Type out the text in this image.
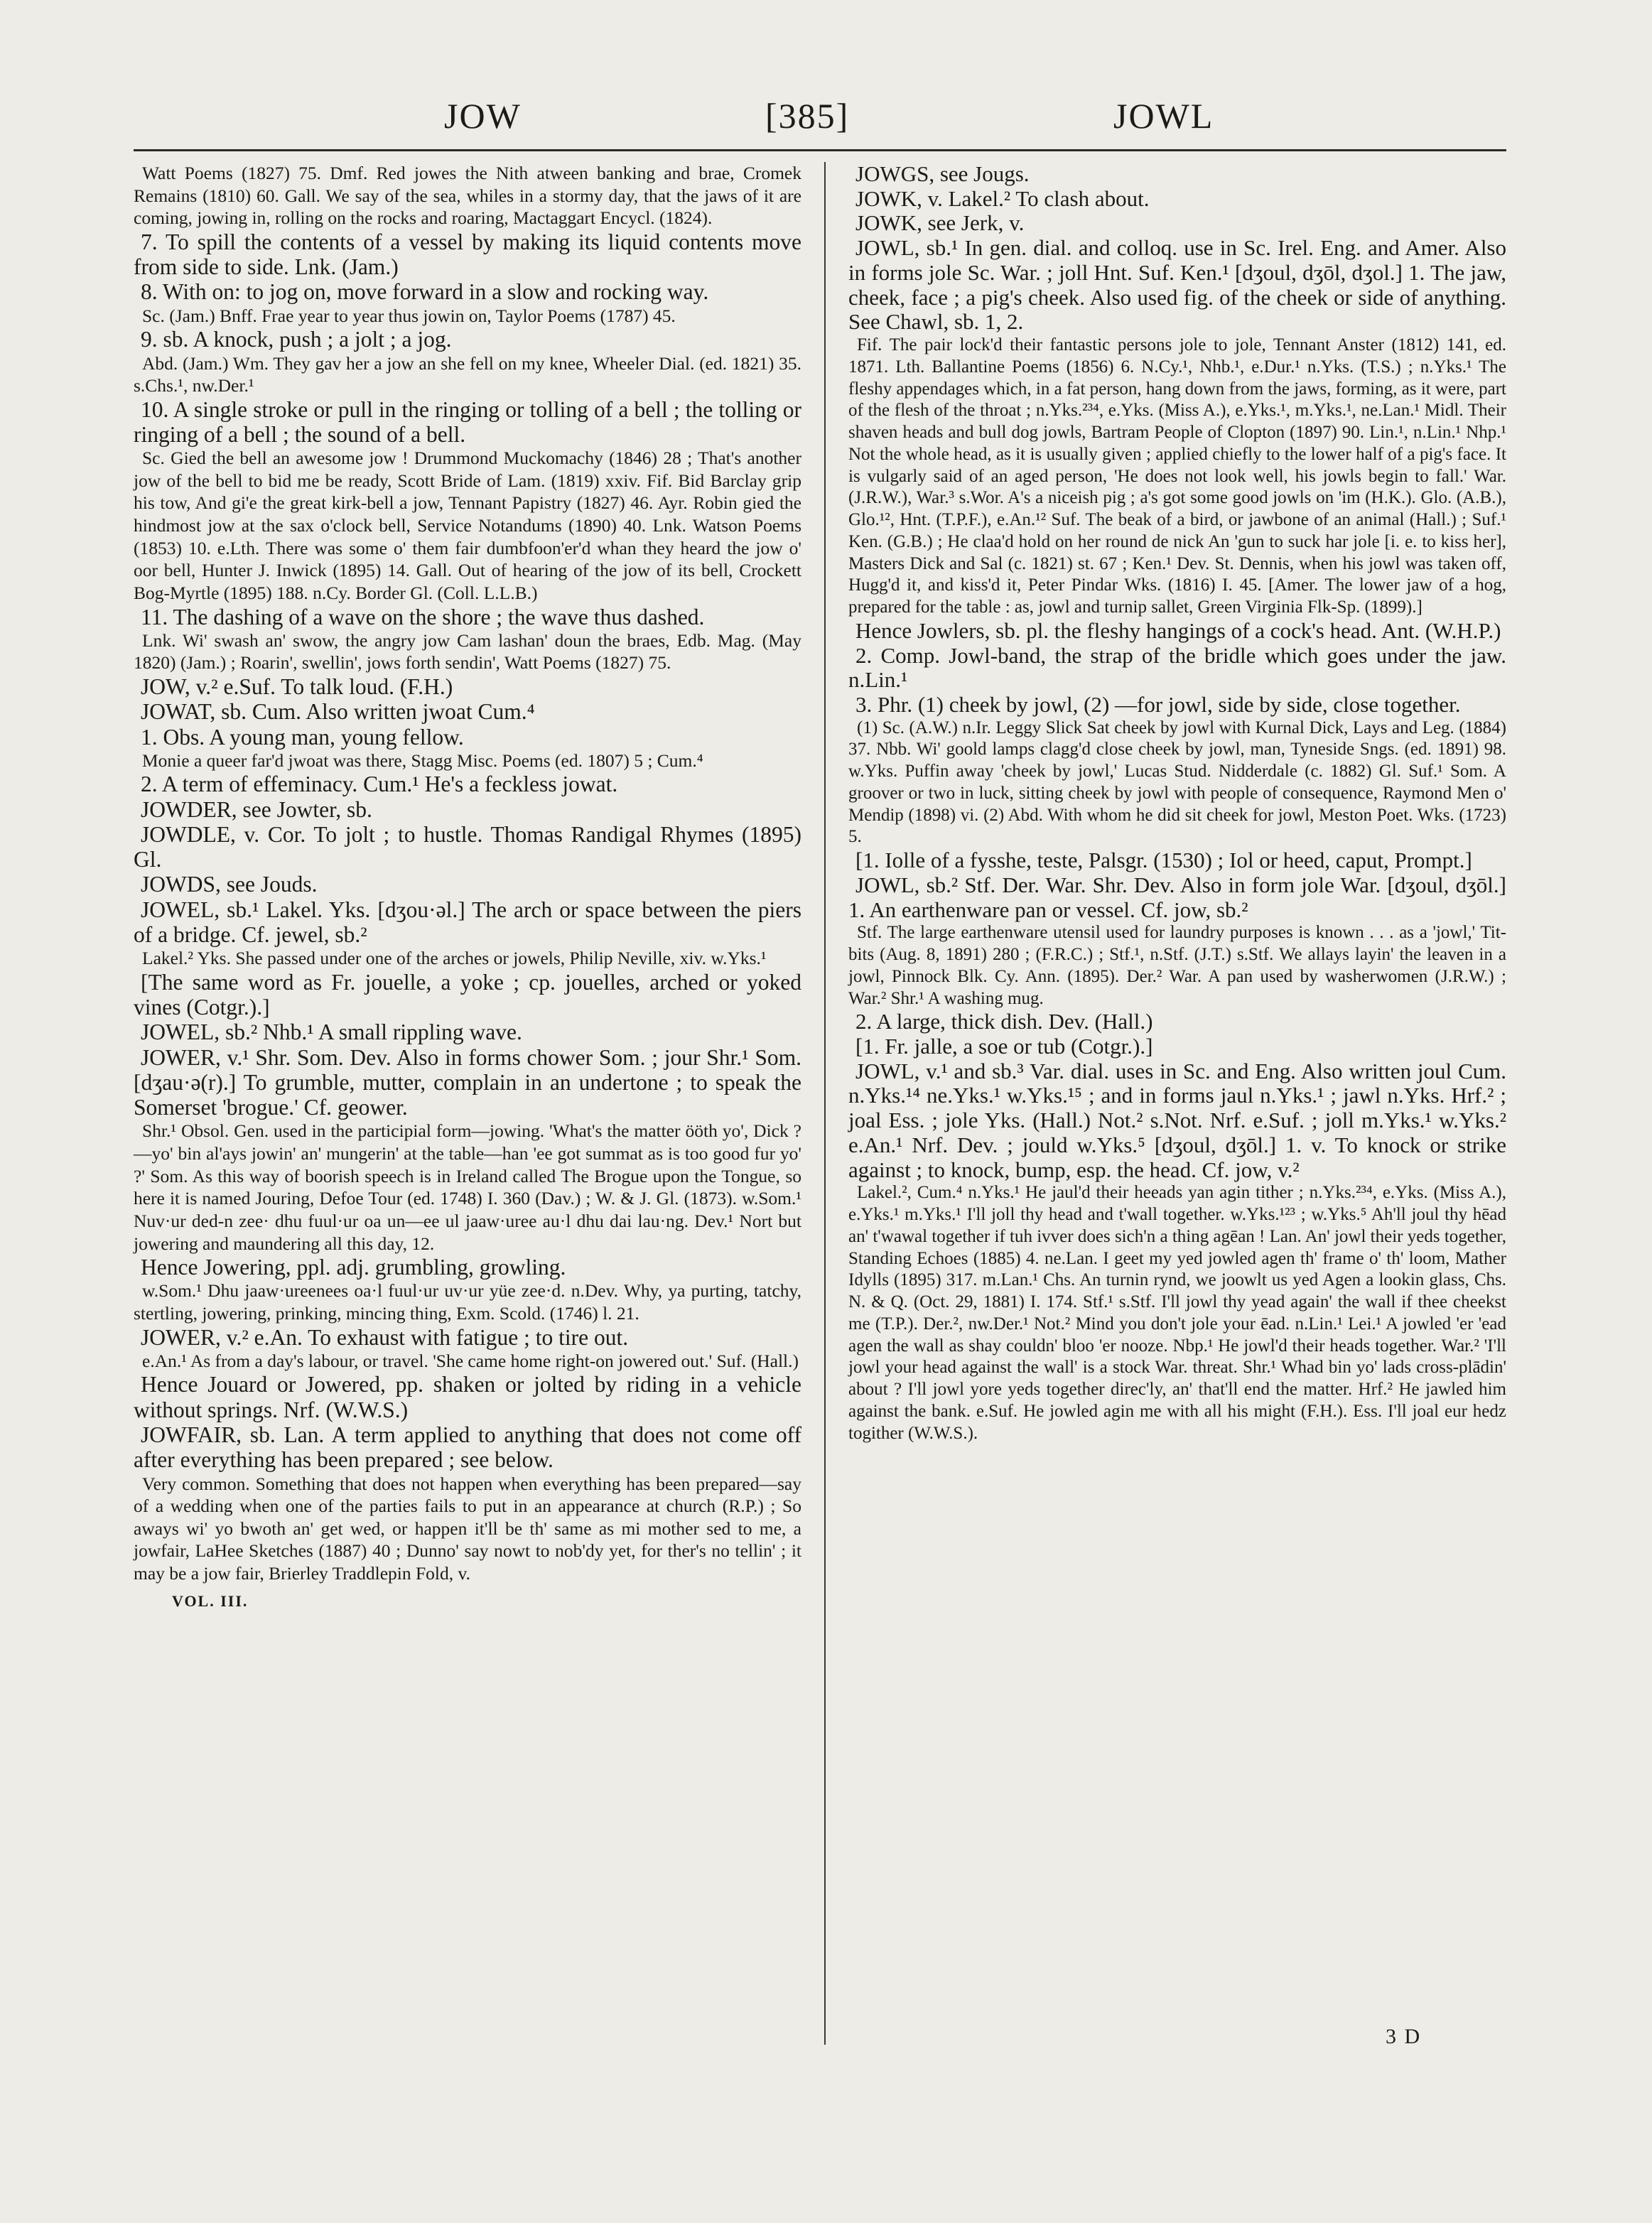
JOW	[385]	JOWL

Watt Poems (1827) 75. Dmf. Red jowes the Nith atween banking and brae, Cromek Remains (1810) 60. Gall. We say of the sea, whiles in a stormy day, that the jaws of it are coming, jowing in, rolling on the rocks and roaring, Mactaggart Encycl. (1824).

7. To spill the contents of a vessel by making its liquid contents move from side to side. Lnk. (Jam.)

8. With on: to jog on, move forward in a slow and rocking way.

Sc. (Jam.) Bnff. Frae year to year thus jowin on, Taylor Poems (1787) 45.

9. sb. A knock, push ; a jolt ; a jog.

Abd. (Jam.) Wm. They gav her a jow an she fell on my knee, Wheeler Dial. (ed. 1821) 35. s.Chs.¹, nw.Der.¹

10. A single stroke or pull in the ringing or tolling of a bell ; the tolling or ringing of a bell ; the sound of a bell.

Sc. Gied the bell an awesome jow ! Drummond Muckomachy (1846) 28 ; That's another jow of the bell to bid me be ready, Scott Bride of Lam. (1819) xxiv. Fif. Bid Barclay grip his tow, And gi'e the great kirk-bell a jow, Tennant Papistry (1827) 46. Ayr. Robin gied the hindmost jow at the sax o'clock bell, Service Notandums (1890) 40. Lnk. Watson Poems (1853) 10. e.Lth. There was some o' them fair dumbfoon'er'd whan they heard the jow o' oor bell, Hunter J. Inwick (1895) 14. Gall. Out of hearing of the jow of its bell, Crockett Bog-Myrtle (1895) 188. n.Cy. Border Gl. (Coll. L.L.B.)

11. The dashing of a wave on the shore ; the wave thus dashed.

Lnk. Wi' swash an' swow, the angry jow Cam lashan' doun the braes, Edb. Mag. (May 1820) (Jam.) ; Roarin', swellin', jows forth sendin', Watt Poems (1827) 75.

JOW, v.² e.Suf. To talk loud. (F.H.)

JOWAT, sb. Cum. Also written jwoat Cum.⁴

1. Obs. A young man, young fellow.

Monie a queer far'd jwoat was there, Stagg Misc. Poems (ed. 1807) 5 ; Cum.⁴

2. A term of effeminacy. Cum.¹ He's a feckless jowat.

JOWDER, see Jowter, sb.

JOWDLE, v. Cor. To jolt ; to hustle. Thomas Randigal Rhymes (1895) Gl.

JOWDS, see Jouds.

JOWEL, sb.¹ Lakel. Yks. [dʒou·əl.] The arch or space between the piers of a bridge. Cf. jewel, sb.²

Lakel.² Yks. She passed under one of the arches or jowels, Philip Neville, xiv. w.Yks.¹

[The same word as Fr. jouelle, a yoke ; cp. jouelles, arched or yoked vines (Cotgr.).]

JOWEL, sb.² Nhb.¹ A small rippling wave.

JOWER, v.¹ Shr. Som. Dev. Also in forms chower Som. ; jour Shr.¹ Som. [dʒau·ə(r).] To grumble, mutter, complain in an undertone ; to speak the Somerset 'brogue.' Cf. geower.

Shr.¹ Obsol. Gen. used in the participial form—jowing. 'What's the matter ööth yo', Dick ?—yo' bin al'ays jowin' an' mungerin' at the table—han 'ee got summat as is too good fur yo' ?' Som. As this way of boorish speech is in Ireland called The Brogue upon the Tongue, so here it is named Jouring, Defoe Tour (ed. 1748) I. 360 (Dav.) ; W. & J. Gl. (1873). w.Som.¹ Nuv·ur ded-n zee· dhu fuul·ur oa un—ee ul jaaw·uree au·l dhu dai lau·ng. Dev.¹ Nort but jowering and maundering all this day, 12.

Hence Jowering, ppl. adj. grumbling, growling.

w.Som.¹ Dhu jaaw·ureenees oa·l fuul·ur uv·ur yüe zee·d. n.Dev. Why, ya purting, tatchy, stertling, jowering, prinking, mincing thing, Exm. Scold. (1746) l. 21.

JOWER, v.² e.An. To exhaust with fatigue ; to tire out.

e.An.¹ As from a day's labour, or travel. 'She came home right-on jowered out.' Suf. (Hall.)

Hence Jouard or Jowered, pp. shaken or jolted by riding in a vehicle without springs. Nrf. (W.W.S.)

JOWFAIR, sb. Lan. A term applied to anything that does not come off after everything has been prepared ; see below.

Very common. Something that does not happen when everything has been prepared—say of a wedding when one of the parties fails to put in an appearance at church (R.P.) ; So aways wi' yo bwoth an' get wed, or happen it'll be th' same as mi mother sed to me, a jowfair, LaHee Sketches (1887) 40 ; Dunno' say nowt to nob'dy yet, for ther's no tellin' ; it may be a jow fair, Brierley Traddlepin Fold, v.

VOL. III.

JOWGS, see Jougs.

JOWK, v. Lakel.² To clash about.

JOWK, see Jerk, v.

JOWL, sb.¹ In gen. dial. and colloq. use in Sc. Irel. Eng. and Amer. Also in forms jole Sc. War. ; joll Hnt. Suf. Ken.¹ [dʒoul, dʒōl, dʒol.] 1. The jaw, cheek, face ; a pig's cheek. Also used fig. of the cheek or side of anything. See Chawl, sb. 1, 2.

Fif. The pair lock'd their fantastic persons jole to jole, Tennant Anster (1812) 141, ed. 1871. Lth. Ballantine Poems (1856) 6. N.Cy.¹, Nhb.¹, e.Dur.¹ n.Yks. (T.S.) ; n.Yks.¹ The fleshy appendages which, in a fat person, hang down from the jaws, forming, as it were, part of the flesh of the throat ; n.Yks.²³⁴, e.Yks. (Miss A.), e.Yks.¹, m.Yks.¹, ne.Lan.¹ Midl. Their shaven heads and bull dog jowls, Bartram People of Clopton (1897) 90. Lin.¹, n.Lin.¹ Nhp.¹ Not the whole head, as it is usually given ; applied chiefly to the lower half of a pig's face. It is vulgarly said of an aged person, 'He does not look well, his jowls begin to fall.' War. (J.R.W.), War.³ s.Wor. A's a niceish pig ; a's got some good jowls on 'im (H.K.). Glo. (A.B.), Glo.¹², Hnt. (T.P.F.), e.An.¹² Suf. The beak of a bird, or jawbone of an animal (Hall.) ; Suf.¹ Ken. (G.B.) ; He claa'd hold on her round de nick An 'gun to suck har jole [i. e. to kiss her], Masters Dick and Sal (c. 1821) st. 67 ; Ken.¹ Dev. St. Dennis, when his jowl was taken off, Hugg'd it, and kiss'd it, Peter Pindar Wks. (1816) I. 45. [Amer. The lower jaw of a hog, prepared for the table : as, jowl and turnip sallet, Green Virginia Flk-Sp. (1899).]

Hence Jowlers, sb. pl. the fleshy hangings of a cock's head. Ant. (W.H.P.)

2. Comp. Jowl-band, the strap of the bridle which goes under the jaw. n.Lin.¹

3. Phr. (1) cheek by jowl, (2) —for jowl, side by side, close together.

(1) Sc. (A.W.) n.Ir. Leggy Slick Sat cheek by jowl with Kurnal Dick, Lays and Leg. (1884) 37. Nbb. Wi' goold lamps clagg'd close cheek by jowl, man, Tyneside Sngs. (ed. 1891) 98. w.Yks. Puffin away 'cheek by jowl,' Lucas Stud. Nidderdale (c. 1882) Gl. Suf.¹ Som. A groover or two in luck, sitting cheek by jowl with people of consequence, Raymond Men o' Mendip (1898) vi. (2) Abd. With whom he did sit cheek for jowl, Meston Poet. Wks. (1723) 5.

[1. Iolle of a fysshe, teste, Palsgr. (1530) ; Iol or heed, caput, Prompt.]

JOWL, sb.² Stf. Der. War. Shr. Dev. Also in form jole War. [dʒoul, dʒōl.] 1. An earthenware pan or vessel. Cf. jow, sb.²

Stf. The large earthenware utensil used for laundry purposes is known . . . as a 'jowl,' Tit-bits (Aug. 8, 1891) 280 ; (F.R.C.) ; Stf.¹, n.Stf. (J.T.) s.Stf. We allays layin' the leaven in a jowl, Pinnock Blk. Cy. Ann. (1895). Der.² War. A pan used by washerwomen (J.R.W.) ; War.² Shr.¹ A washing mug.

2. A large, thick dish. Dev. (Hall.)

[1. Fr. jalle, a soe or tub (Cotgr.).]

JOWL, v.¹ and sb.³ Var. dial. uses in Sc. and Eng. Also written joul Cum. n.Yks.¹⁴ ne.Yks.¹ w.Yks.¹⁵ ; and in forms jaul n.Yks.¹ ; jawl n.Yks. Hrf.² ; joal Ess. ; jole Yks. (Hall.) Not.² s.Not. Nrf. e.Suf. ; joll m.Yks.¹ w.Yks.² e.An.¹ Nrf. Dev. ; jould w.Yks.⁵ [dʒoul, dʒōl.] 1. v. To knock or strike against ; to knock, bump, esp. the head. Cf. jow, v.²

Lakel.², Cum.⁴ n.Yks.¹ He jaul'd their heeads yan agin tither ; n.Yks.²³⁴, e.Yks. (Miss A.), e.Yks.¹ m.Yks.¹ I'll joll thy head and t'wall together. w.Yks.¹²³ ; w.Yks.⁵ Ah'll joul thy hēad an' t'wawal together if tuh ivver does sich'n a thing agēan ! Lan. An' jowl their yeds together, Standing Echoes (1885) 4. ne.Lan. I geet my yed jowled agen th' frame o' th' loom, Mather Idylls (1895) 317. m.Lan.¹ Chs. An turnin rynd, we joowlt us yed Agen a lookin glass, Chs. N. & Q. (Oct. 29, 1881) I. 174. Stf.¹ s.Stf. I'll jowl thy yead again' the wall if thee cheekst me (T.P.). Der.², nw.Der.¹ Not.² Mind you don't jole your ēad. n.Lin.¹ Lei.¹ A jowled 'er 'ead agen the wall as shay couldn' bloo 'er nooze. Nbp.¹ He jowl'd their heads together. War.² 'I'll jowl your head against the wall' is a stock War. threat. Shr.¹ Whad bin yo' lads cross-plādin' about ? I'll jowl yore yeds together direc'ly, an' that'll end the matter. Hrf.² He jawled him against the bank. e.Suf. He jowled agin me with all his might (F.H.). Ess. I'll joal eur hedz togither (W.W.S.).

3 D
